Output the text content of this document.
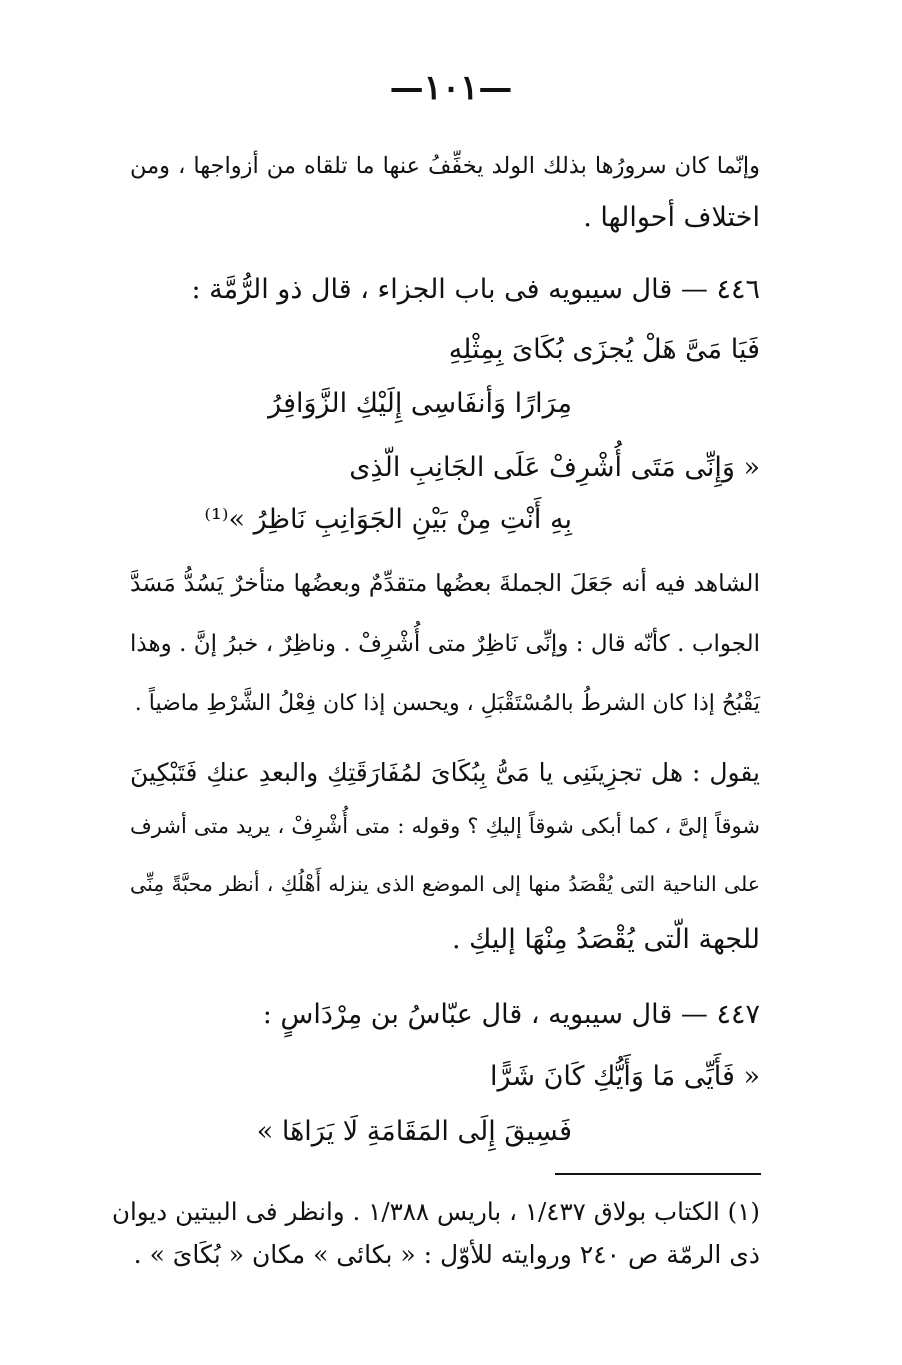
—١٠١—
وإنّما كان سرورُها بذلك الولد يخفِّفُ عنها ما تلقاه من أزواجها ، ومن
اختلاف أحوالها .
٤٤٦ — قال سيبويه فى باب الجزاء ، قال ذو الرُّمَّة :
فَيَا مَىَّ هَلْ يُجزَى بُكَاىَ بِمِثْلِهِ
مِرَارًا وَأنفَاسِى إِلَيْكِ الزَّوَافِرُ
« وَإِنِّى مَتَى أُشْرِفْ عَلَى الجَانِبِ الّذِى
بِهِ أَنْتِ مِنْ بَيْنِ الجَوَانِبِ نَاظِرُ »⁽¹⁾
الشاهد فيه أنه جَعَلَ الجملةَ بعضُها متقدِّمٌ وبعضُها متأخرٌ يَسُدُّ مَسَدَّ
الجواب . كأنّه قال : وإنِّى نَاظِرٌ متى أُشْرِفْ . وناظِرٌ ، خبرُ إنَّ . وهذا
يَقْبُحُ إذا كان الشرطُ بالمُسْتَقْبَلِ ، ويحسن إذا كان فِعْلُ الشَّرْطِ ماضياً .
يقول : هل تجزِينَنِى يا مَىُّ بِبُكَاىَ لمُفَارَقَتِكِ والبعدِ عنكِ فَتَبْكِينَ
شوقاً إلىَّ ، كما أبكى شوقاً إليكِ ؟ وقوله : متى أُشْرِفْ ، يريد متى أشرف
على الناحية التى يُقْصَدُ منها إلى الموضع الذى ينزله أَهْلُكِ ، أنظر محبَّةً مِنِّى
للجهة الّتى يُقْصَدُ مِنْهَا إليكِ .
٤٤٧ — قال سيبويه ، قال عبّاسُ بن مِرْدَاسٍ :
« فَأَيِّى مَا وَأَيُّكِ كَانَ شَرًّا
فَسِيقَ إِلَى المَقَامَةِ لَا يَرَاهَا »
(١) الكتاب بولاق ١/٤٣٧ ، باريس ١/٣٨٨ . وانظر فى البيتين ديوان
ذى الرمّة ص ٢٤٠ وروايته للأوّل : « بكائى » مكان « بُكَاىَ » .
